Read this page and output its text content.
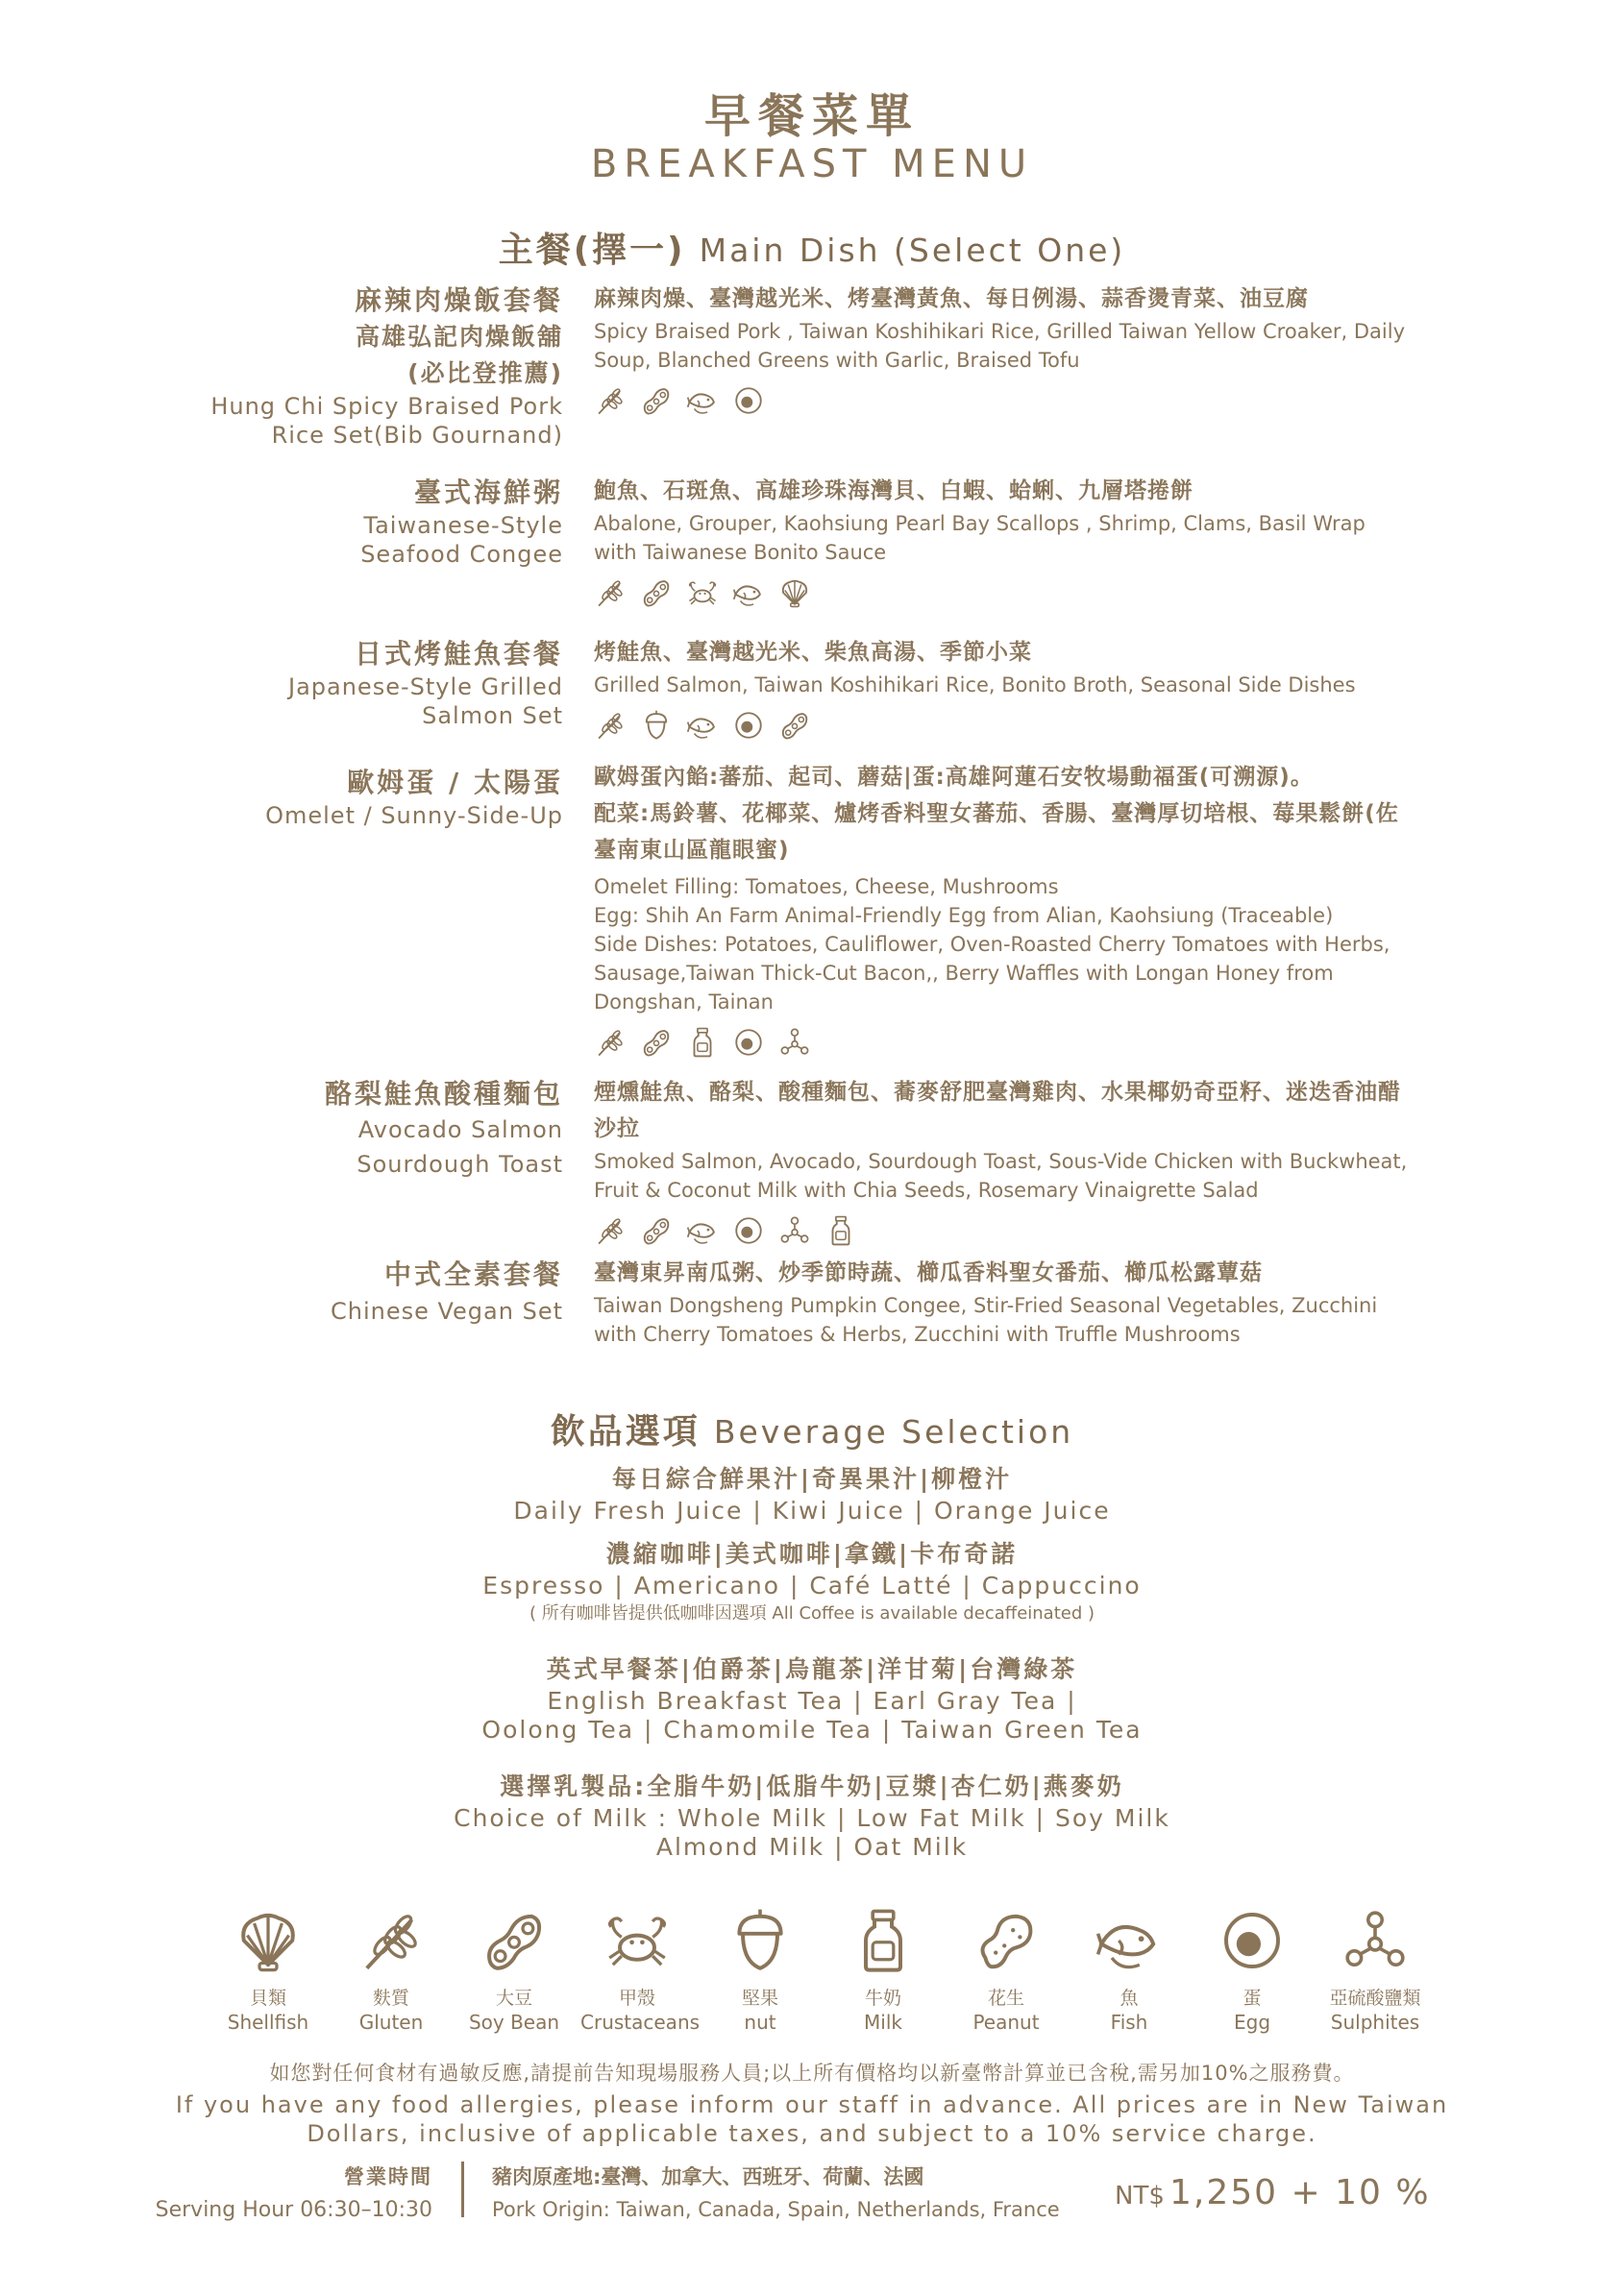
早餐菜單
BREAKFAST MENU
主餐(擇一) Main Dish (Select One)
麻辣肉燥飯套餐
高雄弘記肉燥飯舖
(必比登推薦)
Hung Chi Spicy Braised Pork
Rice Set(Bib Gournand)
麻辣肉燥、臺灣越光米、烤臺灣黃魚、每日例湯、蒜香燙青菜、油豆腐
Spicy Braised Pork , Taiwan Koshihikari Rice, Grilled Taiwan Yellow Croaker, Daily Soup, Blanched Greens with Garlic, Braised Tofu
臺式海鮮粥
Taiwanese-Style
Seafood Congee
鮑魚、石斑魚、高雄珍珠海灣貝、白蝦、蛤蜊、九層塔捲餅
Abalone, Grouper, Kaohsiung Pearl Bay Scallops , Shrimp, Clams, Basil Wrap with Taiwanese Bonito Sauce
日式烤鮭魚套餐
Japanese-Style Grilled
Salmon Set
烤鮭魚、臺灣越光米、柴魚高湯、季節小菜
Grilled Salmon, Taiwan Koshihikari Rice, Bonito Broth, Seasonal Side Dishes
歐姆蛋 / 太陽蛋
Omelet / Sunny-Side-Up
歐姆蛋內餡:蕃茄、起司、蘑菇|蛋:高雄阿蓮石安牧場動福蛋(可溯源)。
配菜:馬鈴薯、花椰菜、爐烤香料聖女蕃茄、香腸、臺灣厚切培根、莓果鬆餅(佐臺南東山區龍眼蜜)
Omelet Filling: Tomatoes, Cheese, Mushrooms
Egg: Shih An Farm Animal-Friendly Egg from Alian, Kaohsiung (Traceable)
Side Dishes: Potatoes, Cauliflower, Oven-Roasted Cherry Tomatoes with Herbs, Sausage,Taiwan Thick-Cut Bacon,, Berry Waffles with Longan Honey from Dongshan, Tainan
酪梨鮭魚酸種麵包
Avocado Salmon
Sourdough Toast
煙燻鮭魚、酪梨、酸種麵包、蕎麥舒肥臺灣雞肉、水果椰奶奇亞籽、迷迭香油醋沙拉
Smoked Salmon, Avocado, Sourdough Toast, Sous-Vide Chicken with Buckwheat, Fruit & Coconut Milk with Chia Seeds, Rosemary Vinaigrette Salad
中式全素套餐
Chinese Vegan Set
臺灣東昇南瓜粥、炒季節時蔬、櫛瓜香料聖女番茄、櫛瓜松露蕈菇
Taiwan Dongsheng Pumpkin Congee, Stir-Fried Seasonal Vegetables, Zucchini with Cherry Tomatoes & Herbs, Zucchini with Truffle Mushrooms
飲品選項 Beverage Selection
每日綜合鮮果汁|奇異果汁|柳橙汁
Daily Fresh Juice | Kiwi Juice | Orange Juice
濃縮咖啡|美式咖啡|拿鐵|卡布奇諾
Espresso | Americano | Café Latté | Cappuccino
( 所有咖啡皆提供低咖啡因選項 All Coffee is available decaffeinated )
英式早餐茶|伯爵茶|烏龍茶|洋甘菊|台灣綠茶
English Breakfast Tea | Earl Gray Tea |
Oolong Tea | Chamomile Tea | Taiwan Green Tea
選擇乳製品:全脂牛奶|低脂牛奶|豆漿|杏仁奶|燕麥奶
Choice of Milk : Whole Milk | Low Fat Milk | Soy Milk
Almond Milk | Oat Milk
貝類
Shellfish
麩質
Gluten
大豆
Soy Bean
甲殼
Crustaceans
堅果
nut
牛奶
Milk
花生
Peanut
魚
Fish
蛋
Egg
亞硫酸鹽類
Sulphites
如您對任何食材有過敏反應,請提前告知現場服務人員;以上所有價格均以新臺幣計算並已含稅,需另加10%之服務費。
If you have any food allergies, please inform our staff in advance. All prices are in New Taiwan
Dollars, inclusive of applicable taxes, and subject to a 10% service charge.
營業時間
Serving Hour 06:30–10:30
豬肉原產地:臺灣、加拿大、西班牙、荷蘭、法國
Pork Origin: Taiwan, Canada, Spain, Netherlands, France	NT$ 1,250 + 10 %
